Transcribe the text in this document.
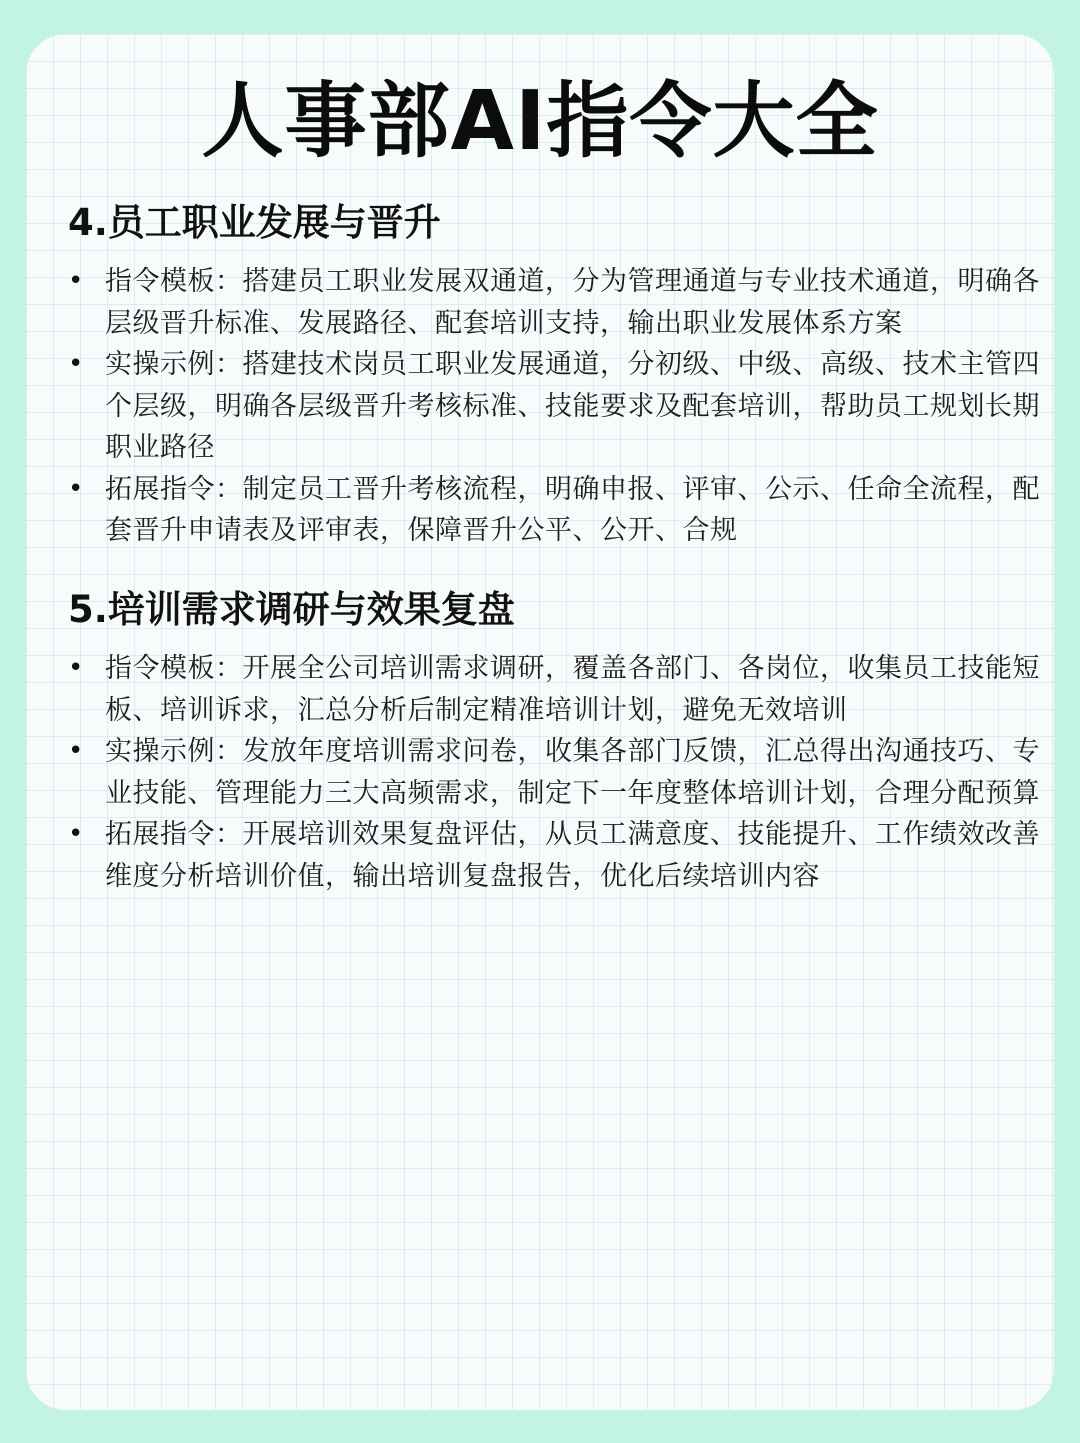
人事部AI指令大全
4.员工职业发展与晋升
• 指令模板：搭建员工职业发展双通道，分为管理通道与专业技术通道，明确各层级晋升标准、发展路径、配套培训支持，输出职业发展体系方案
• 实操示例：搭建技术岗员工职业发展通道，分初级、中级、高级、技术主管四个层级，明确各层级晋升考核标准、技能要求及配套培训，帮助员工规划长期职业路径
• 拓展指令：制定员工晋升考核流程，明确申报、评审、公示、任命全流程，配套晋升申请表及评审表，保障晋升公平、公开、合规
5.培训需求调研与效果复盘
• 指令模板：开展全公司培训需求调研，覆盖各部门、各岗位，收集员工技能短板、培训诉求，汇总分析后制定精准培训计划，避免无效培训
• 实操示例：发放年度培训需求问卷，收集各部门反馈，汇总得出沟通技巧、专业技能、管理能力三大高频需求，制定下一年度整体培训计划，合理分配预算
• 拓展指令：开展培训效果复盘评估，从员工满意度、技能提升、工作绩效改善维度分析培训价值，输出培训复盘报告，优化后续培训内容
